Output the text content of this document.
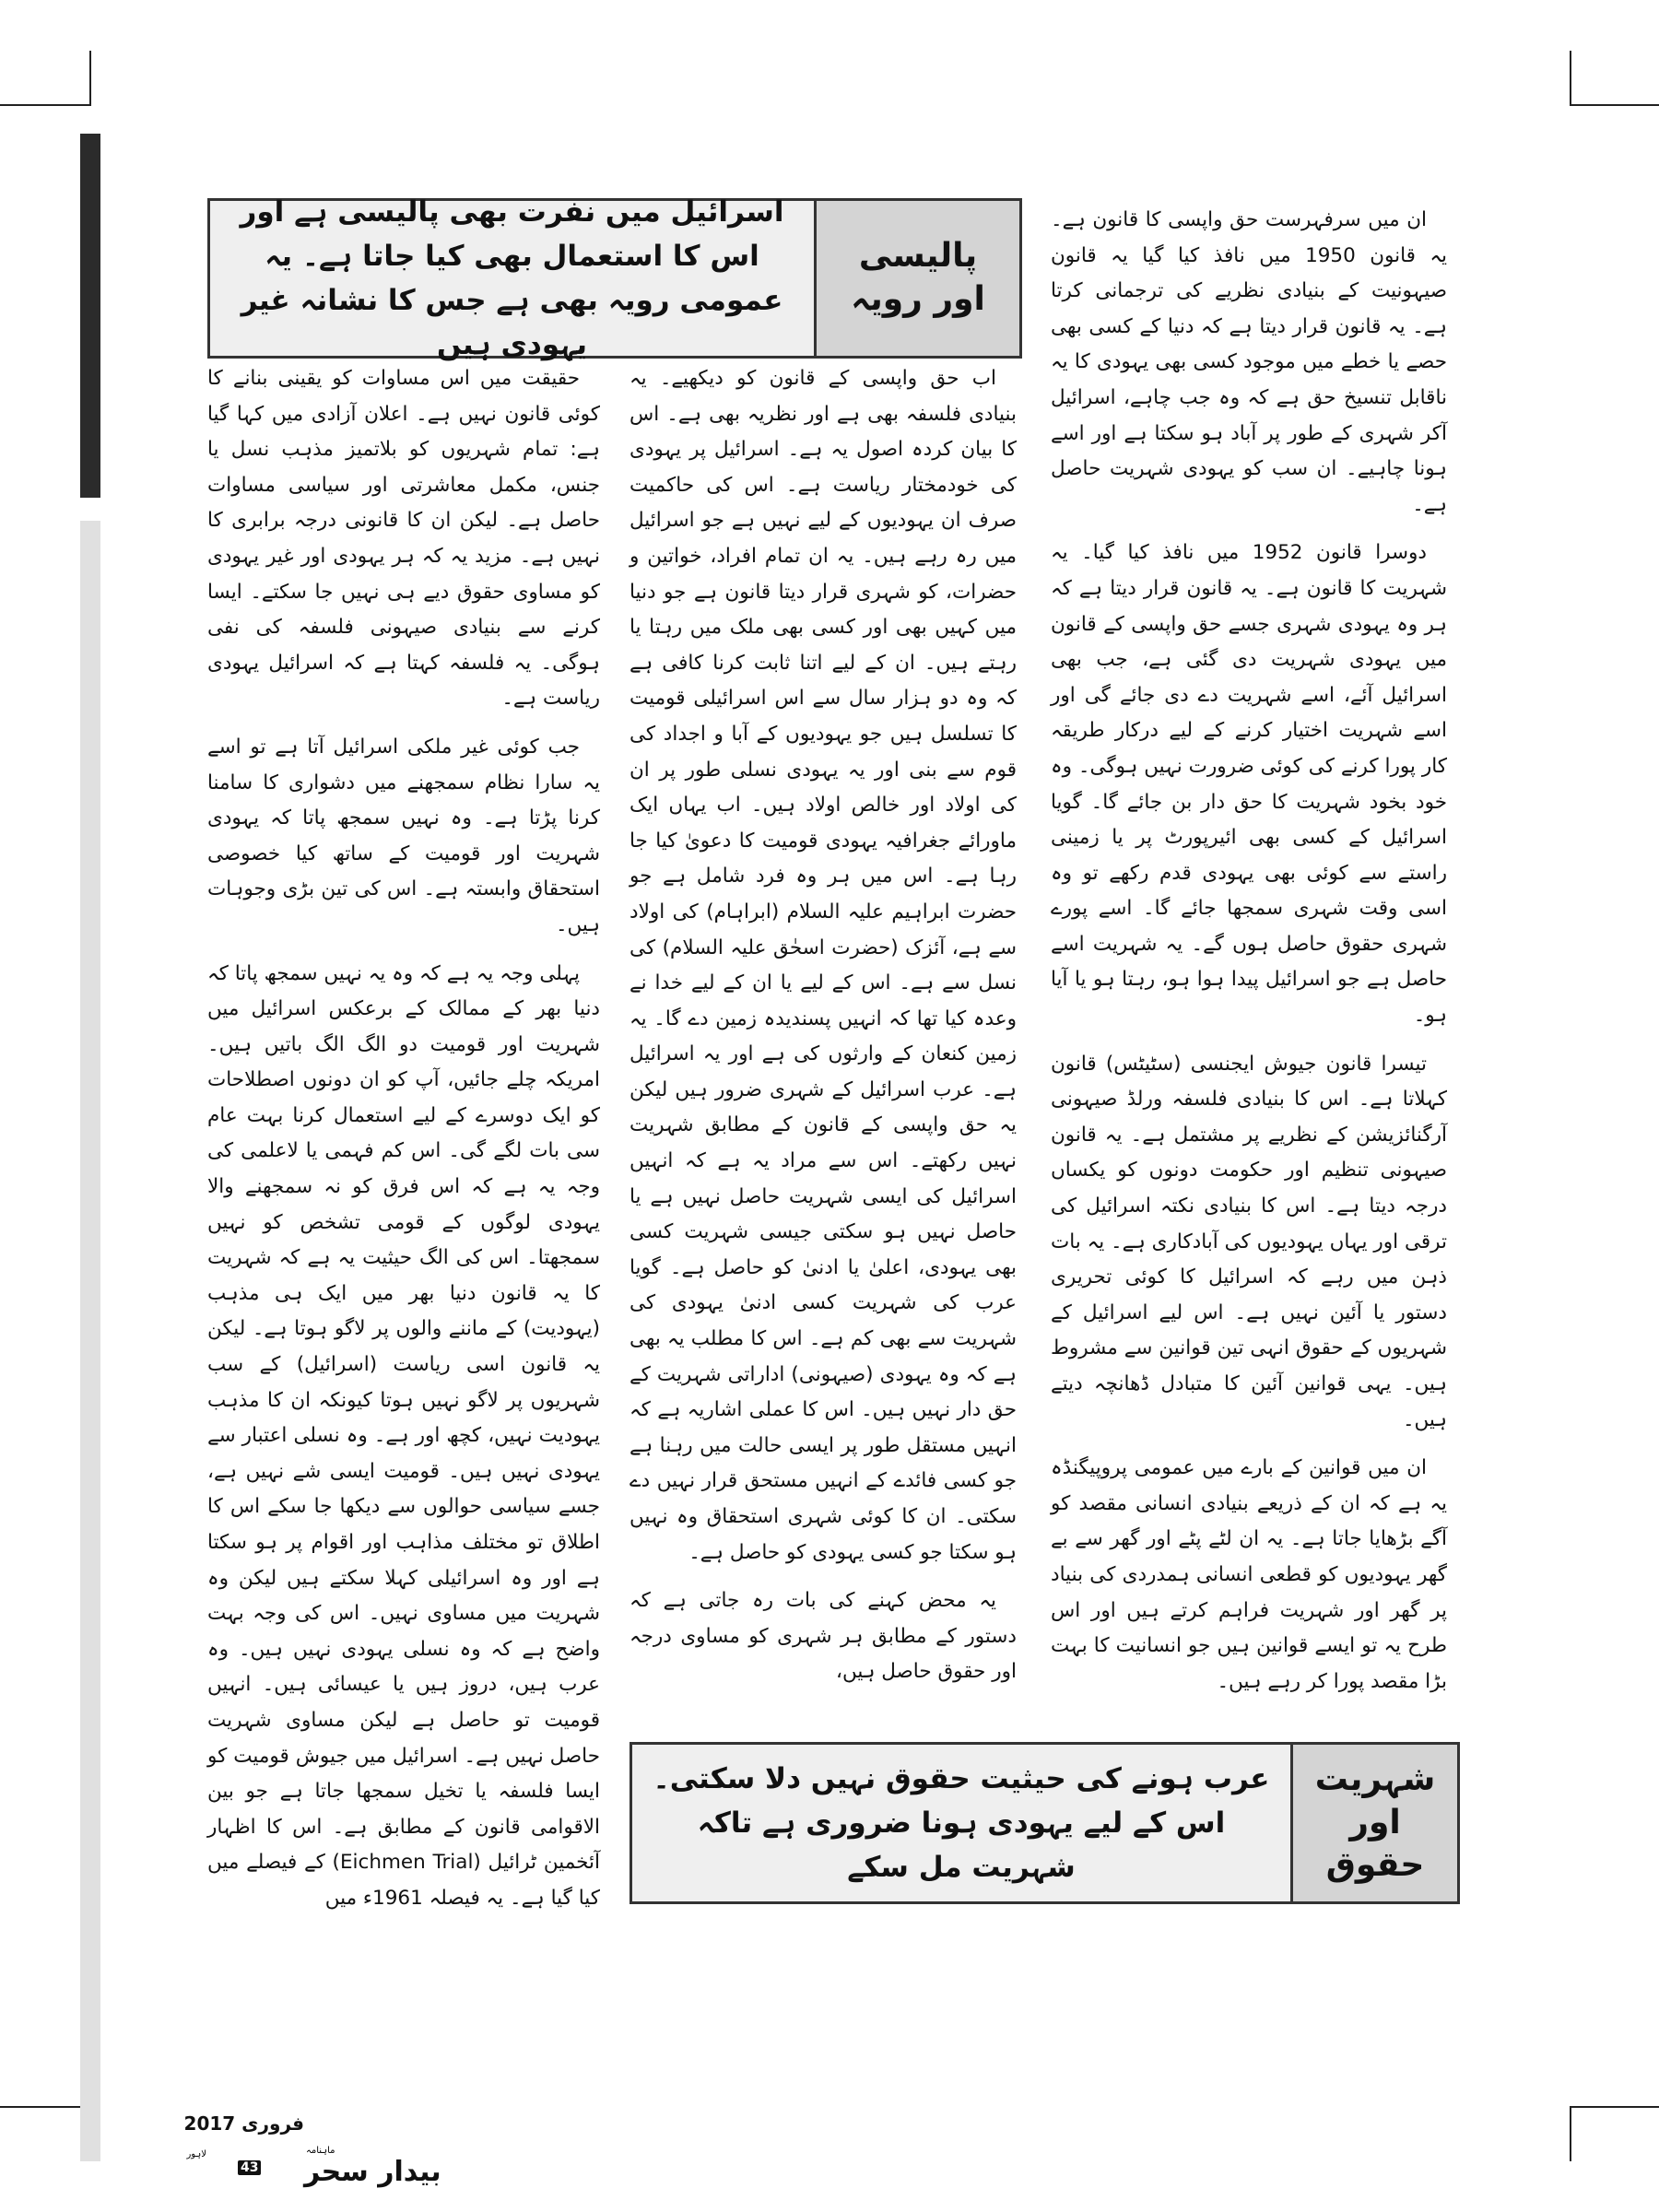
پالیسی اور رویہ
اسرائیل میں نفرت بھی پالیسی ہے اور اس کا استعمال بھی کیا جاتا ہے۔ یہ عمومی رویہ بھی ہے جس کا نشانہ غیر یہودی ہیں

ان میں سرفہرست حق واپسی کا قانون ہے۔ یہ قانون 1950 میں نافذ کیا گیا یہ قانون صیہونیت کے بنیادی نظریے کی ترجمانی کرتا ہے۔ یہ قانون قرار دیتا ہے کہ دنیا کے کسی بھی حصے یا خطے میں موجود کسی بھی یہودی کا یہ ناقابل تنسیخ حق ہے کہ وہ جب چاہے، اسرائیل آکر شہری کے طور پر آباد ہو سکتا ہے اور اسے ہونا چاہیے۔ ان سب کو یہودی شہریت حاصل ہے۔

دوسرا قانون 1952 میں نافذ کیا گیا۔ یہ شہریت کا قانون ہے۔ یہ قانون قرار دیتا ہے کہ ہر وہ یہودی شہری جسے حق واپسی کے قانون میں یہودی شہریت دی گئی ہے، جب بھی اسرائیل آئے، اسے شہریت دے دی جائے گی اور اسے شہریت اختیار کرنے کے لیے درکار طریقہ کار پورا کرنے کی کوئی ضرورت نہیں ہوگی۔ وہ خود بخود شہریت کا حق دار بن جائے گا۔ گویا اسرائیل کے کسی بھی ائیرپورٹ پر یا زمینی راستے سے کوئی بھی یہودی قدم رکھے تو وہ اسی وقت شہری سمجھا جائے گا۔ اسے پورے شہری حقوق حاصل ہوں گے۔ یہ شہریت اسے حاصل ہے جو اسرائیل پیدا ہوا ہو، رہتا ہو یا آیا ہو۔

تیسرا قانون جیوش ایجنسی (سٹیٹس) قانون کہلاتا ہے۔ اس کا بنیادی فلسفہ ورلڈ صیہونی آرگنائزیشن کے نظریے پر مشتمل ہے۔ یہ قانون صیہونی تنظیم اور حکومت دونوں کو یکساں درجہ دیتا ہے۔ اس کا بنیادی نکتہ اسرائیل کی ترقی اور یہاں یہودیوں کی آبادکاری ہے۔ یہ بات ذہن میں رہے کہ اسرائیل کا کوئی تحریری دستور یا آئین نہیں ہے۔ اس لیے اسرائیل کے شہریوں کے حقوق انہی تین قوانین سے مشروط ہیں۔ یہی قوانین آئین کا متبادل ڈھانچہ دیتے ہیں۔

ان میں قوانین کے بارے میں عمومی پروپیگنڈہ یہ ہے کہ ان کے ذریعے بنیادی انسانی مقصد کو آگے بڑھایا جاتا ہے۔ یہ ان لٹے پٹے اور گھر سے بے گھر یہودیوں کو قطعی انسانی ہمدردی کی بنیاد پر گھر اور شہریت فراہم کرتے ہیں اور اس طرح یہ تو ایسے قوانین ہیں جو انسانیت کا بہت بڑا مقصد پورا کر رہے ہیں۔

اب حق واپسی کے قانون کو دیکھیے۔ یہ بنیادی فلسفہ بھی ہے اور نظریہ بھی ہے۔ اس کا بیان کردہ اصول یہ ہے۔ اسرائیل پر یہودی کی خودمختار ریاست ہے۔ اس کی حاکمیت صرف ان یہودیوں کے لیے نہیں ہے جو اسرائیل میں رہ رہے ہیں۔ یہ ان تمام افراد، خواتین و حضرات، کو شہری قرار دیتا قانون ہے جو دنیا میں کہیں بھی اور کسی بھی ملک میں رہتا یا رہتے ہیں۔ ان کے لیے اتنا ثابت کرنا کافی ہے کہ وہ دو ہزار سال سے اس اسرائیلی قومیت کا تسلسل ہیں جو یہودیوں کے آبا و اجداد کی قوم سے بنی اور یہ یہودی نسلی طور پر ان کی اولاد اور خالص اولاد ہیں۔ اب یہاں ایک ماورائے جغرافیہ یہودی قومیت کا دعویٰ کیا جا رہا ہے۔ اس میں ہر وہ فرد شامل ہے جو حضرت ابراہیم علیہ السلام (ابراہام) کی اولاد سے ہے، آئزک (حضرت اسحٰق علیہ السلام) کی نسل سے ہے۔ اس کے لیے یا ان کے لیے خدا نے وعدہ کیا تھا کہ انہیں پسندیدہ زمین دے گا۔ یہ زمین کنعان کے وارثوں کی ہے اور یہ اسرائیل ہے۔ عرب اسرائیل کے شہری ضرور ہیں لیکن یہ حق واپسی کے قانون کے مطابق شہریت نہیں رکھتے۔ اس سے مراد یہ ہے کہ انہیں اسرائیل کی ایسی شہریت حاصل نہیں ہے یا حاصل نہیں ہو سکتی جیسی شہریت کسی بھی یہودی، اعلیٰ یا ادنیٰ کو حاصل ہے۔ گویا عرب کی شہریت کسی ادنیٰ یہودی کی شہریت سے بھی کم ہے۔ اس کا مطلب یہ بھی ہے کہ وہ یہودی (صیہونی) اداراتی شہریت کے حق دار نہیں ہیں۔ اس کا عملی اشاریہ ہے کہ انہیں مستقل طور پر ایسی حالت میں رہنا ہے جو کسی فائدے کے انہیں مستحق قرار نہیں دے سکتی۔ ان کا کوئی شہری استحقاق وہ نہیں ہو سکتا جو کسی یہودی کو حاصل ہے۔

یہ محض کہنے کی بات رہ جاتی ہے کہ دستور کے مطابق ہر شہری کو مساوی درجہ اور حقوق حاصل ہیں،

حقیقت میں اس مساوات کو یقینی بنانے کا کوئی قانون نہیں ہے۔ اعلان آزادی میں کہا گیا ہے: تمام شہریوں کو بلاتمیز مذہب نسل یا جنس، مکمل معاشرتی اور سیاسی مساوات حاصل ہے۔ لیکن ان کا قانونی درجہ برابری کا نہیں ہے۔ مزید یہ کہ ہر یہودی اور غیر یہودی کو مساوی حقوق دیے ہی نہیں جا سکتے۔ ایسا کرنے سے بنیادی صیہونی فلسفہ کی نفی ہوگی۔ یہ فلسفہ کہتا ہے کہ اسرائیل یہودی ریاست ہے۔

جب کوئی غیر ملکی اسرائیل آتا ہے تو اسے یہ سارا نظام سمجھنے میں دشواری کا سامنا کرنا پڑتا ہے۔ وہ نہیں سمجھ پاتا کہ یہودی شہریت اور قومیت کے ساتھ کیا خصوصی استحقاق وابستہ ہے۔ اس کی تین بڑی وجوہات ہیں۔

پہلی وجہ یہ ہے کہ وہ یہ نہیں سمجھ پاتا کہ دنیا بھر کے ممالک کے برعکس اسرائیل میں شہریت اور قومیت دو الگ الگ باتیں ہیں۔ امریکہ چلے جائیں، آپ کو ان دونوں اصطلاحات کو ایک دوسرے کے لیے استعمال کرنا بہت عام سی بات لگے گی۔ اس کم فہمی یا لاعلمی کی وجہ یہ ہے کہ اس فرق کو نہ سمجھنے والا یہودی لوگوں کے قومی تشخص کو نہیں سمجھتا۔ اس کی الگ حیثیت یہ ہے کہ شہریت کا یہ قانون دنیا بھر میں ایک ہی مذہب (یہودیت) کے ماننے والوں پر لاگو ہوتا ہے۔ لیکن یہ قانون اسی ریاست (اسرائیل) کے سب شہریوں پر لاگو نہیں ہوتا کیونکہ ان کا مذہب یہودیت نہیں، کچھ اور ہے۔ وہ نسلی اعتبار سے یہودی نہیں ہیں۔ قومیت ایسی شے نہیں ہے، جسے سیاسی حوالوں سے دیکھا جا سکے اس کا اطلاق تو مختلف مذاہب اور اقوام پر ہو سکتا ہے اور وہ اسرائیلی کہلا سکتے ہیں لیکن وہ شہریت میں مساوی نہیں۔ اس کی وجہ بہت واضح ہے کہ وہ نسلی یہودی نہیں ہیں۔ وہ عرب ہیں، دروز ہیں یا عیسائی ہیں۔ انہیں قومیت تو حاصل ہے لیکن مساوی شہریت حاصل نہیں ہے۔ اسرائیل میں جیوش قومیت کو ایسا فلسفہ یا تخیل سمجھا جاتا ہے جو بین الاقوامی قانون کے مطابق ہے۔ اس کا اظہار آئخمین ٹرائیل (Eichmen Trial) کے فیصلے میں کیا گیا ہے۔ یہ فیصلہ 1961ء میں

شہریت اور حقوق
عرب ہونے کی حیثیت حقوق نہیں دلا سکتی۔ اس کے لیے یہودی ہونا ضروری ہے تاکہ شہریت مل سکے
فروری 2017
ماہنامہ
بیدار سحر
لاہور
43
